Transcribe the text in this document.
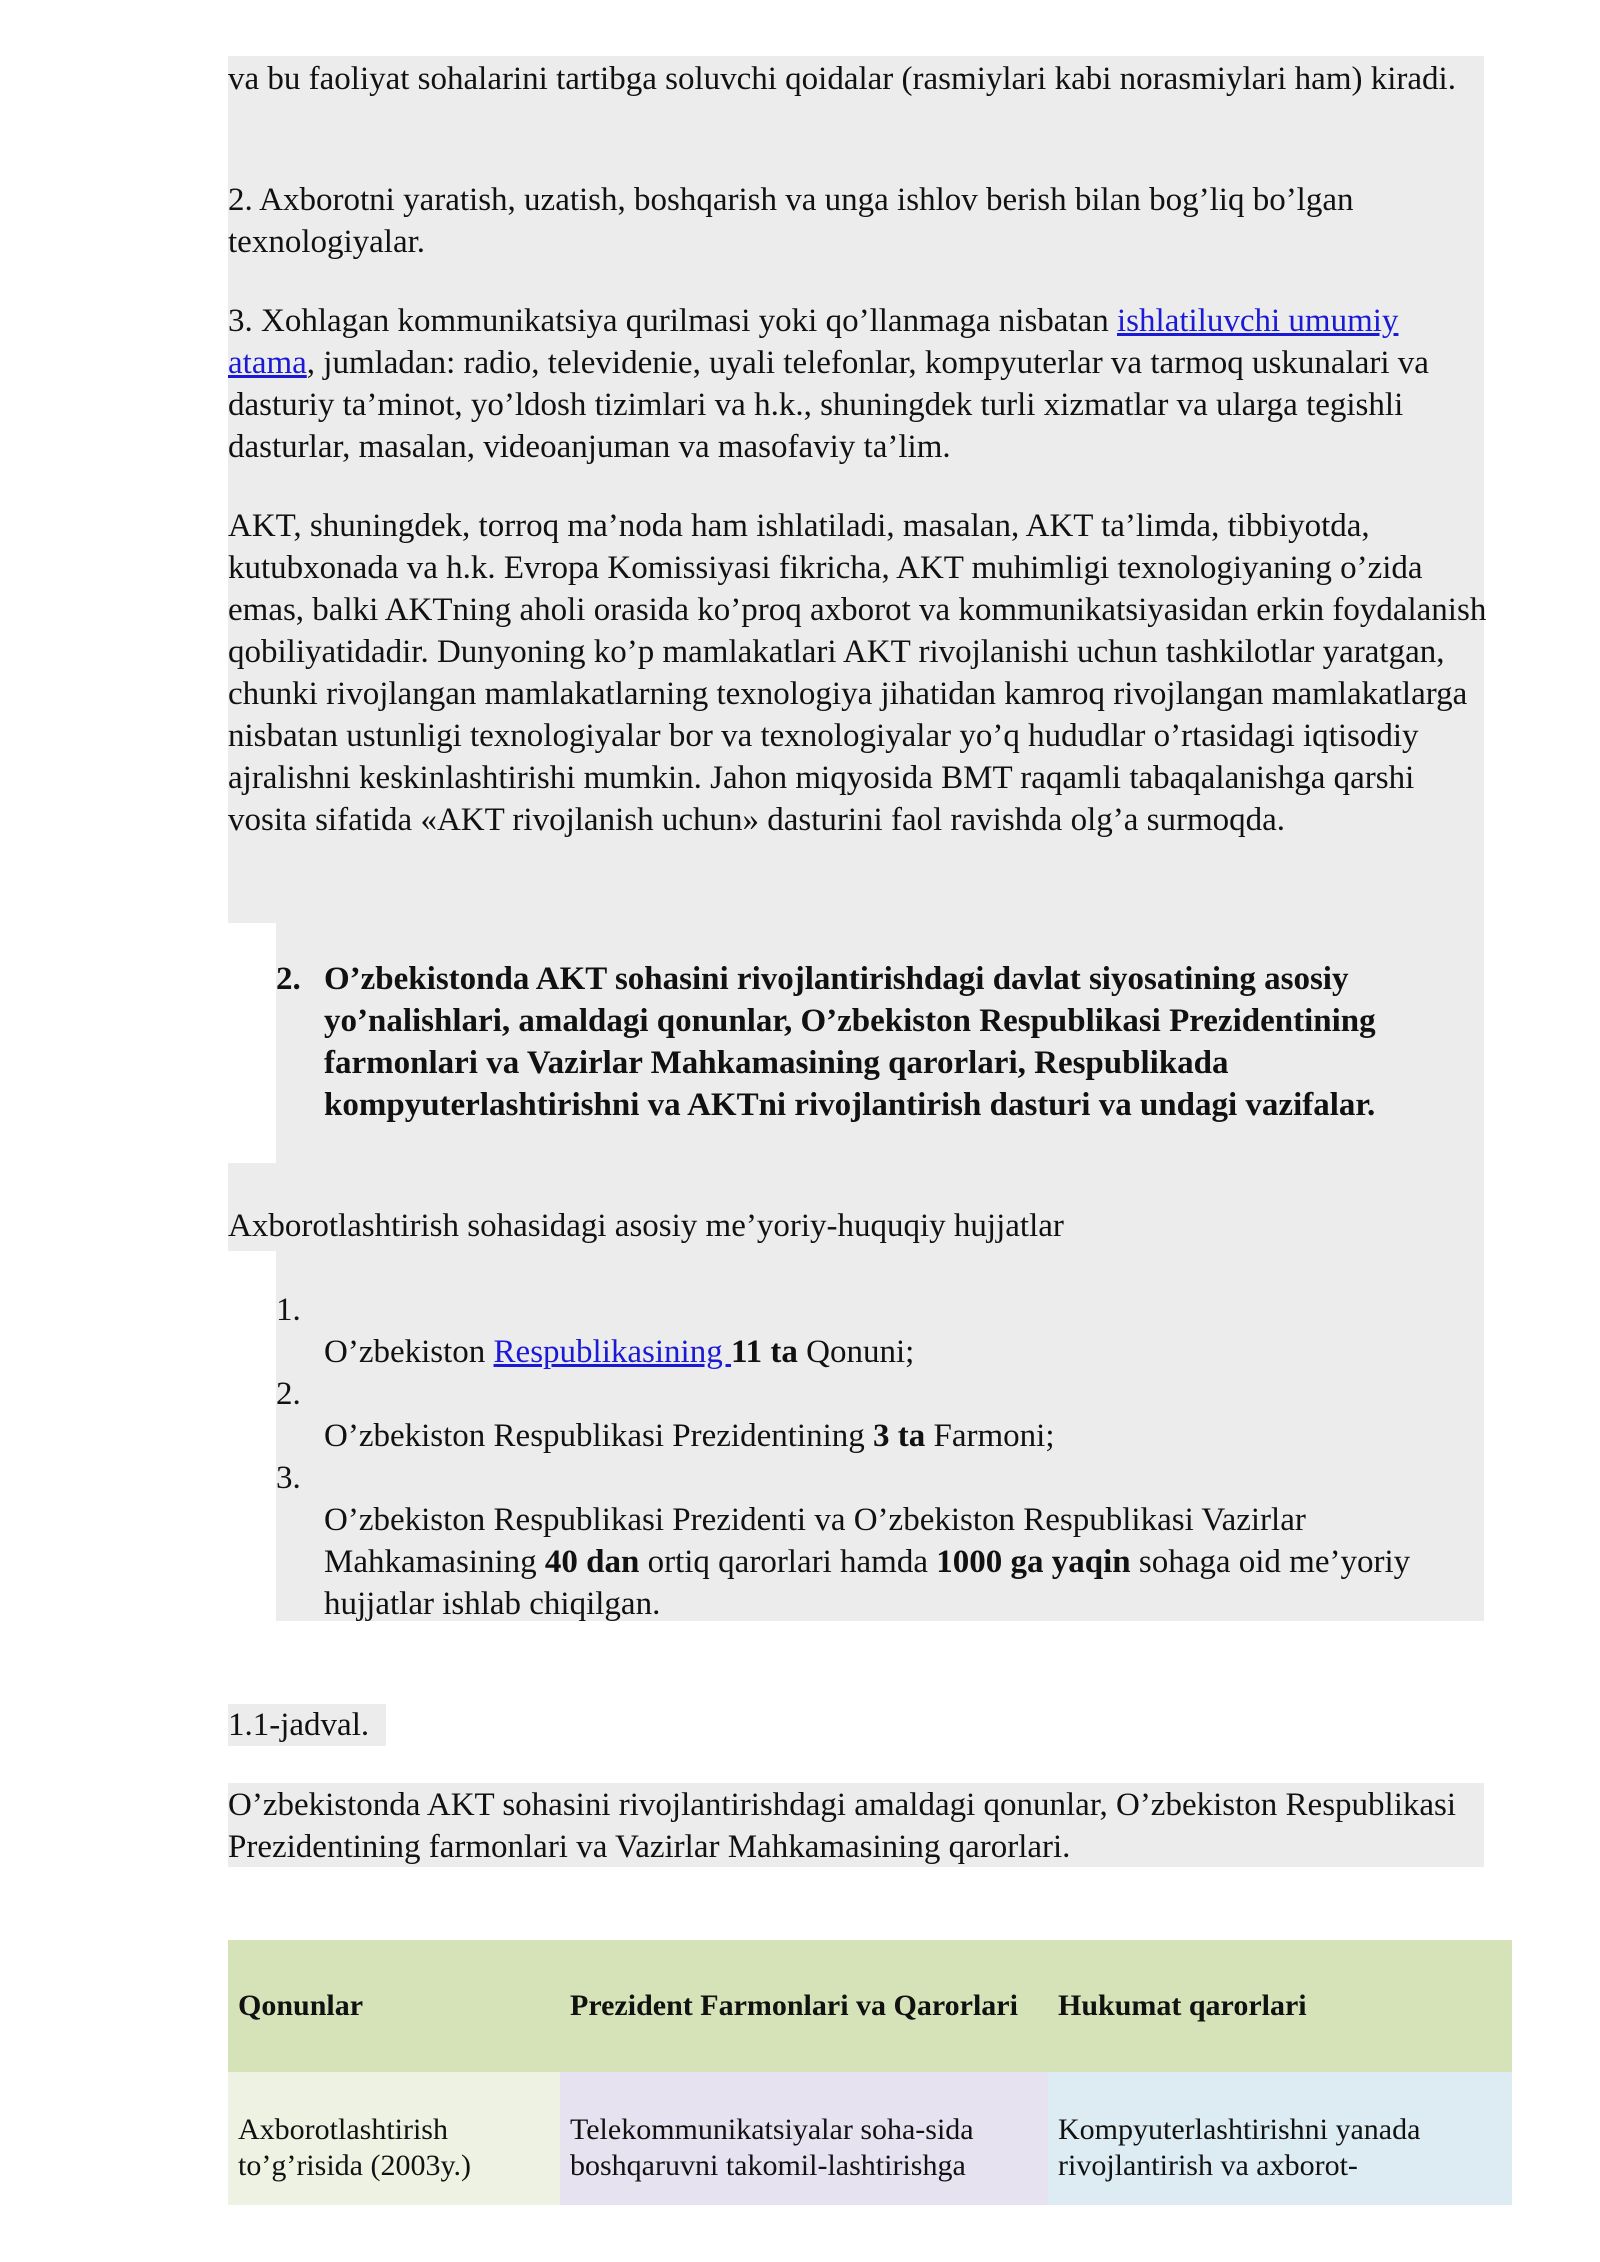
va bu faoliyat sohalarini tartibga soluvchi qoidalar (rasmiylari kabi norasmiylari ham) kiradi.

2. Axborotni yaratish, uzatish, boshqarish va unga ishlov berish bilan bog’liq bo’lgan texnologiyalar.

3. Xohlagan kommunikatsiya qurilmasi yoki qo’llanmaga nisbatan ishlatiluvchi umumiy atama, jumladan: radio, televidenie, uyali telefonlar, kompyuterlar va tarmoq uskunalari va dasturiy ta’minot, yo’ldosh tizimlari va h.k., shuningdek turli xizmatlar va ularga tegishli dasturlar, masalan, videoanjuman va masofaviy ta’lim.

AKT, shuningdek, torroq ma’noda ham ishlatiladi, masalan, AKT ta’limda, tibbiyotda, kutubxonada va h.k. Evropa Komissiyasi fikricha, AKT muhimligi texnologiyaning o’zida emas, balki AKTning aholi orasida ko’proq axborot va kommunikatsiyasidan erkin foydalanish qobiliyatidadir. Dunyoning ko’p mamlakatlari AKT rivojlanishi uchun tashkilotlar yaratgan, chunki rivojlangan mamlakatlarning texnologiya jihatidan kamroq rivojlangan mamlakatlarga nisbatan ustunligi texnologiyalar bor va texnologiyalar yo’q hududlar o’rtasidagi iqtisodiy ajralishni keskinlashtirishi mumkin. Jahon miqyosida BMT raqamli tabaqalanishga qarshi vosita sifatida «AKT rivojlanish uchun» dasturini faol ravishda olg’a surmoqda.

2. O’zbekistonda AKT sohasini rivojlantirishdagi davlat siyosatining asosiy yo’nalishlari, amaldagi qonunlar, O’zbekiston Respublikasi Prezidentining farmonlari va Vazirlar Mahkamasining qarorlari, Respublikada kompyuterlashtirishni va AKTni rivojlantirish dasturi va undagi vazifalar.

Axborotlashtirish sohasidagi asosiy me’yoriy-huquqiy hujjatlar

1.

O’zbekiston Respublikasining 11 ta Qonuni;

2.

O’zbekiston Respublikasi Prezidentining 3 ta Farmoni;

3.

O’zbekiston Respublikasi Prezidenti va O’zbekiston Respublikasi Vazirlar Mahkamasining 40 dan ortiq qarorlari hamda 1000 ga yaqin sohaga oid me’yoriy hujjatlar ishlab chiqilgan.

1.1-jadval.

O’zbekistonda AKT sohasini rivojlantirishdagi amaldagi qonunlar, O’zbekiston Respublikasi Prezidentining farmonlari va Vazirlar Mahkamasining qarorlari.

Qonunlar	Prezident Farmonlari va Qarorlari	Hukumat qarorlari
Axborotlashtirish to’g’risida (2003y.)
Telekommunikatsiyalar soha-sida boshqaruvni takomil-lashtirishga
Kompyuterlashtirishni yanada rivojlantirish va axborot-
